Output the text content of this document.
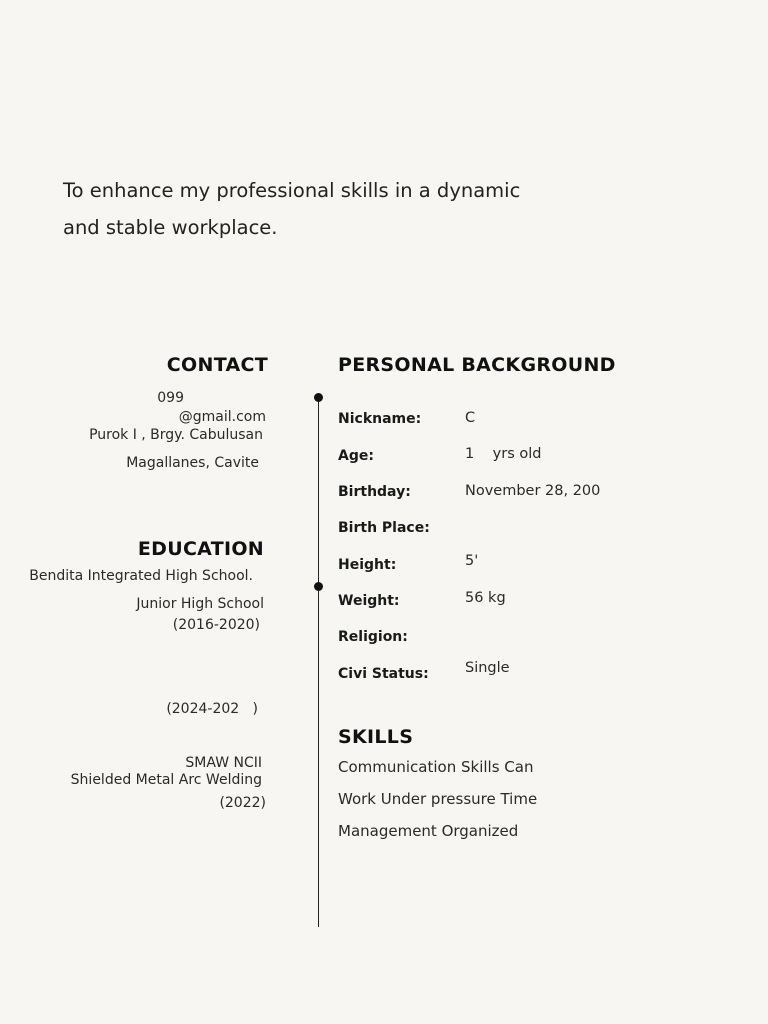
To enhance my professional skills in a dynamic
and stable workplace.
CONTACT
099
@gmail.com
Purok I , Brgy. Cabulusan
Magallanes, Cavite
EDUCATION
Bendita Integrated High School.
Junior High School
(2016-2020)
(2024-202   )
SMAW NCII
Shielded Metal Arc Welding
(2022)
PERSONAL BACKGROUND
Nickname:	C
Age:	1    yrs old
Birthday:	November 28, 200
Birth Place:
Height:	5'
Weight:	56 kg
Religion:
Civi Status:	Single
SKILLS
Communication Skills Can
Work Under pressure Time
Management Organized
